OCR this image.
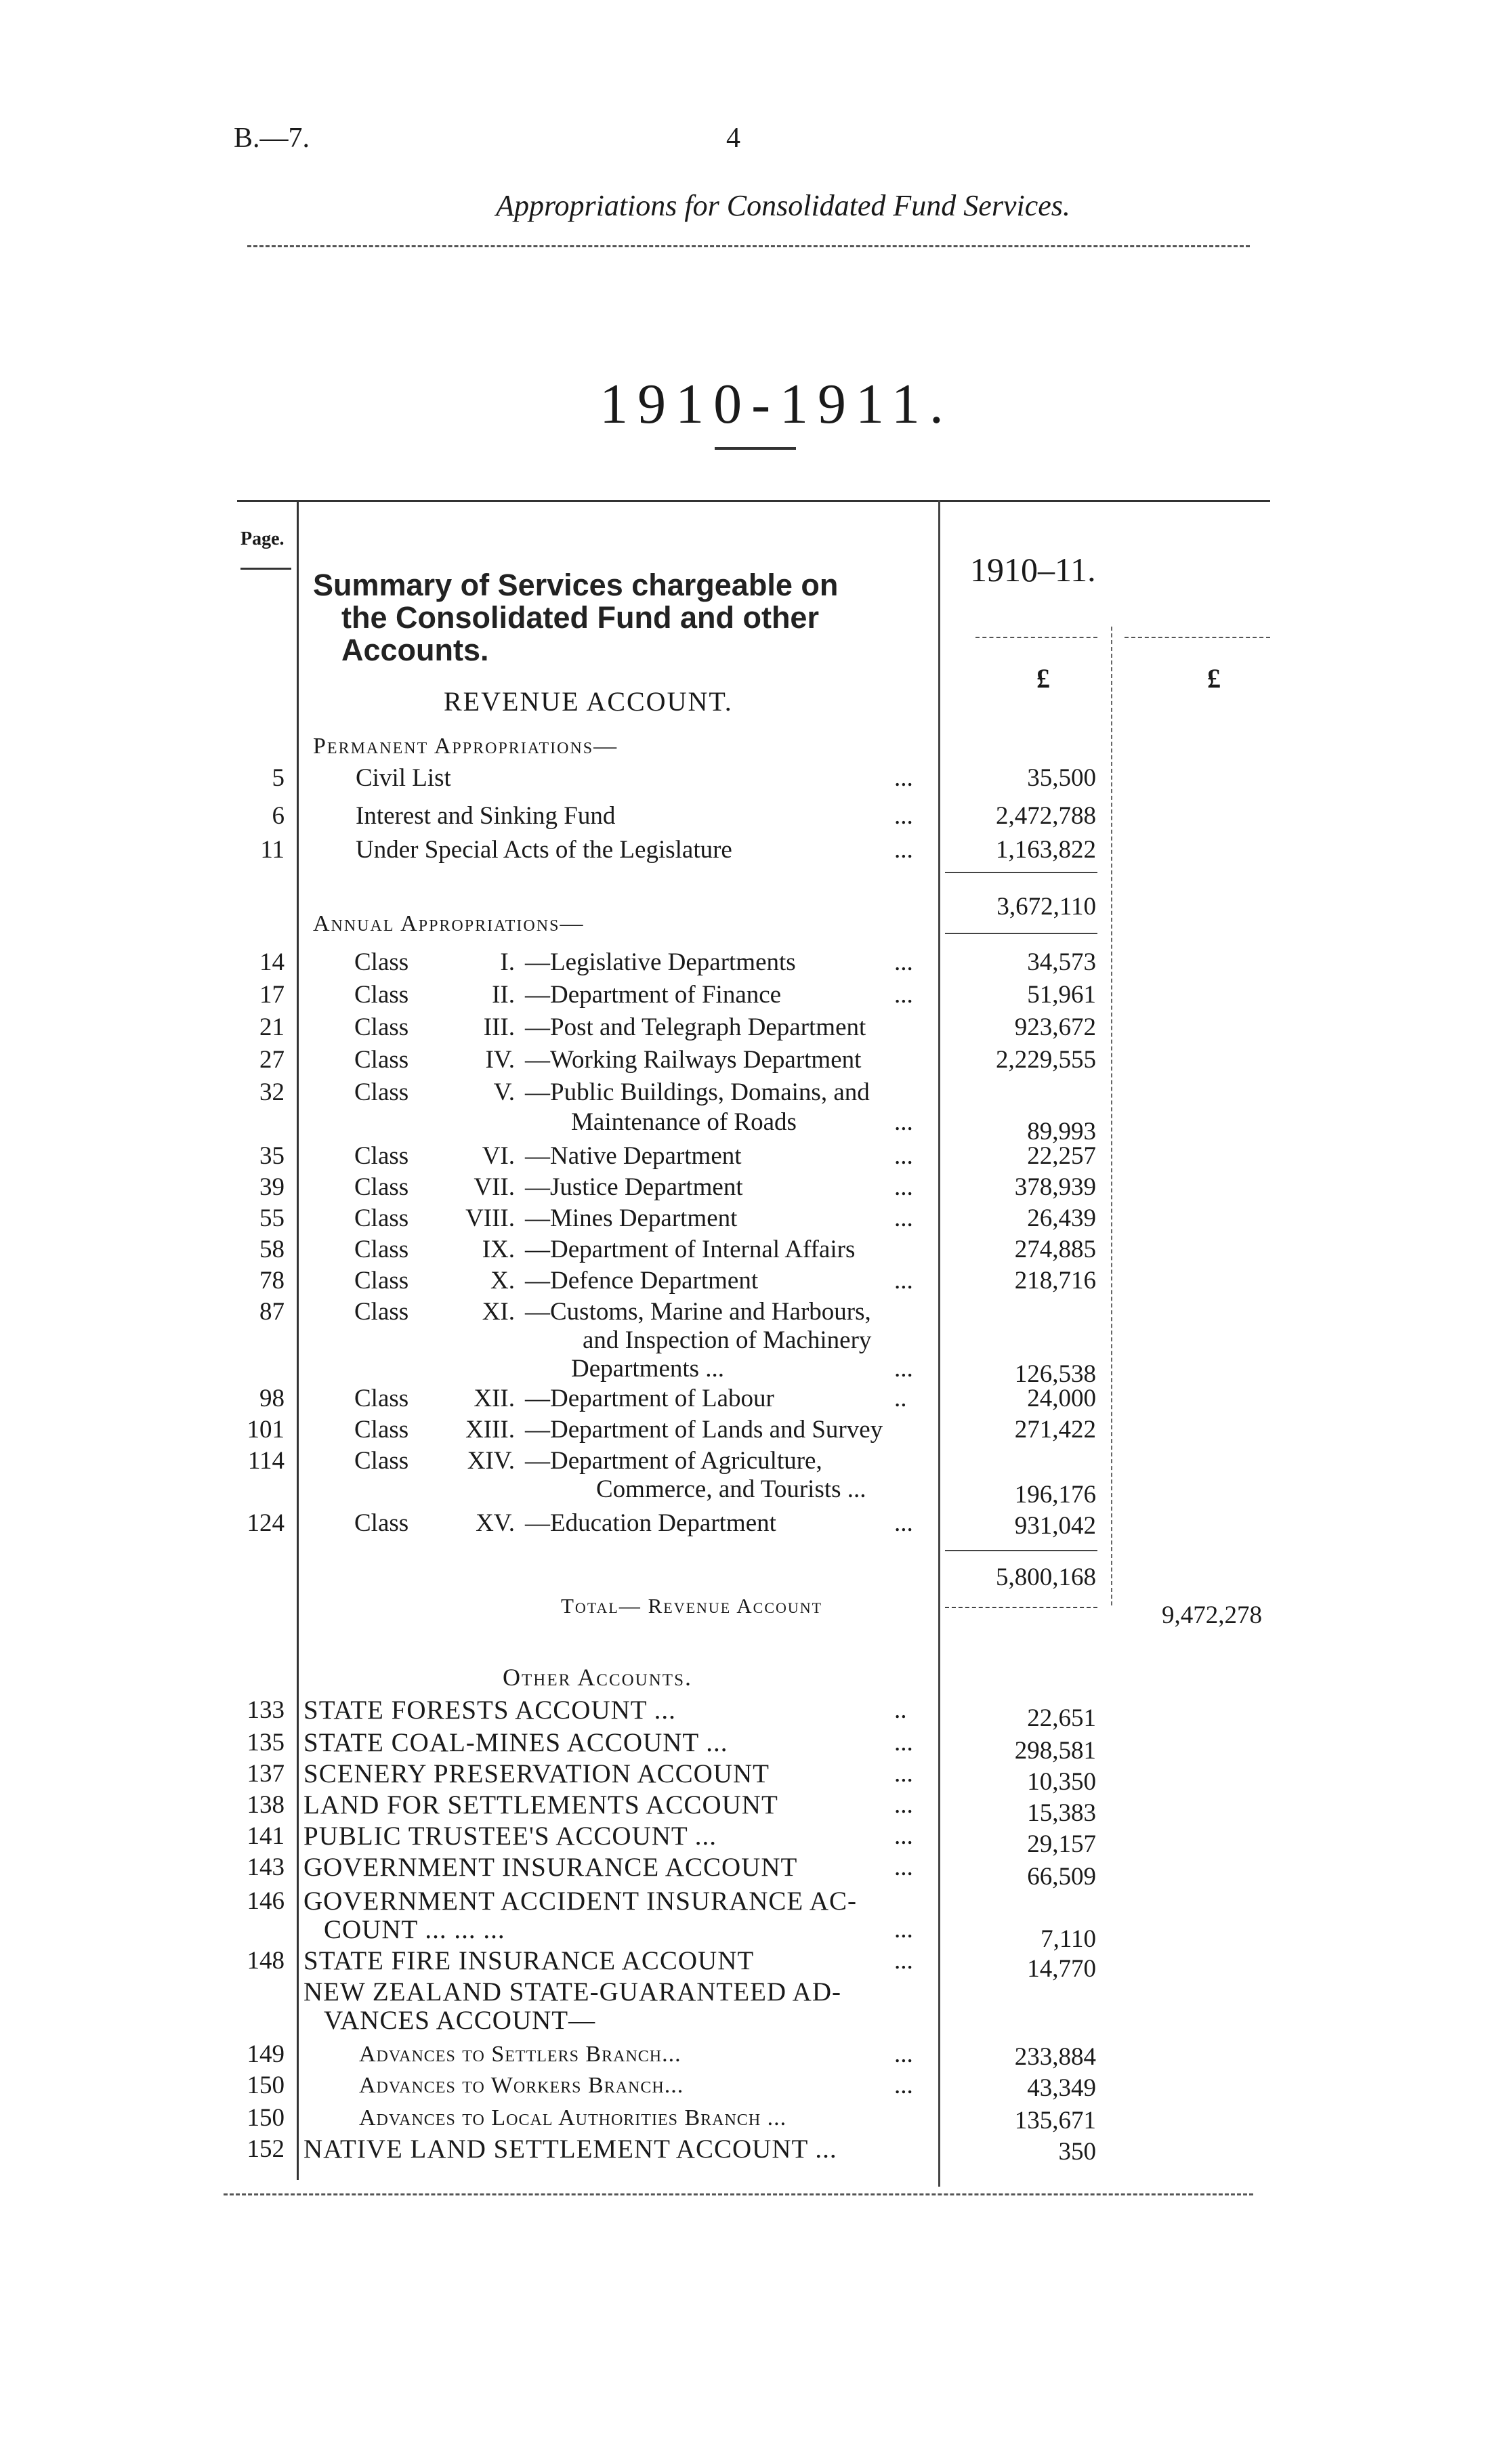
B.—7.	4
Appropriations for Consolidated Fund Services.
1910-1911.
Page.
Summary of Services chargeable on
the Consolidated Fund and other
Accounts.
1910–11.
£	£
REVENUE ACCOUNT.
Permanent Appropriations—
5	Civil List	...	35,500
6	Interest and Sinking Fund	...	2,472,788
11	Under Special Acts of the Legislature	...	1,163,822
3,672,110
Annual Appropriations—
14	Class	I. —Legislative Departments	...	34,573
17	Class	II. —Department of Finance	...	51,961
21	Class	III. —Post and Telegraph Department	923,672
27	Class	IV. —Working Railways Department	2,229,555
32	Class	V. —Public Buildings, Domains, and
Maintenance of Roads	...	89,993
35	Class	VI. —Native Department	...	22,257
39	Class	VII. —Justice Department	...	378,939
55	Class	VIII. —Mines Department	...	26,439
58	Class	IX. —Department of Internal Affairs	274,885
78	Class	X. —Defence Department	...	218,716
87	Class	XI. —Customs, Marine and Harbours,
and Inspection of Machinery
Departments ...	...	126,538
98	Class	XII. —Department of Labour	..	24,000
101	Class	XIII. —Department of Lands and Survey	271,422
114	Class	XIV. —Department of Agriculture,
Commerce, and Tourists ...	196,176
124	Class	XV. —Education Department	...	931,042
5,800,168
Total— Revenue Account	9,472,278
Other Accounts.
133 STATE FORESTS ACCOUNT ...	..	22,651
135 STATE COAL-MINES ACCOUNT ...	...	298,581
137 SCENERY PRESERVATION ACCOUNT	...	10,350
138 LAND FOR SETTLEMENTS ACCOUNT	...	15,383
141 PUBLIC TRUSTEE'S ACCOUNT ...	...	29,157
143 GOVERNMENT INSURANCE ACCOUNT	...	66,509
146 GOVERNMENT ACCIDENT INSURANCE AC-
COUNT ... ... ...	...	7,110
148 STATE FIRE INSURANCE ACCOUNT	...	14,770
NEW ZEALAND STATE-GUARANTEED AD-
VANCES ACCOUNT—
149	Advances to Settlers Branch...	...	233,884
150	Advances to Workers Branch...	...	43,349
150	Advances to Local Authorities Branch ...	135,671
152 NATIVE LAND SETTLEMENT ACCOUNT ...	350
